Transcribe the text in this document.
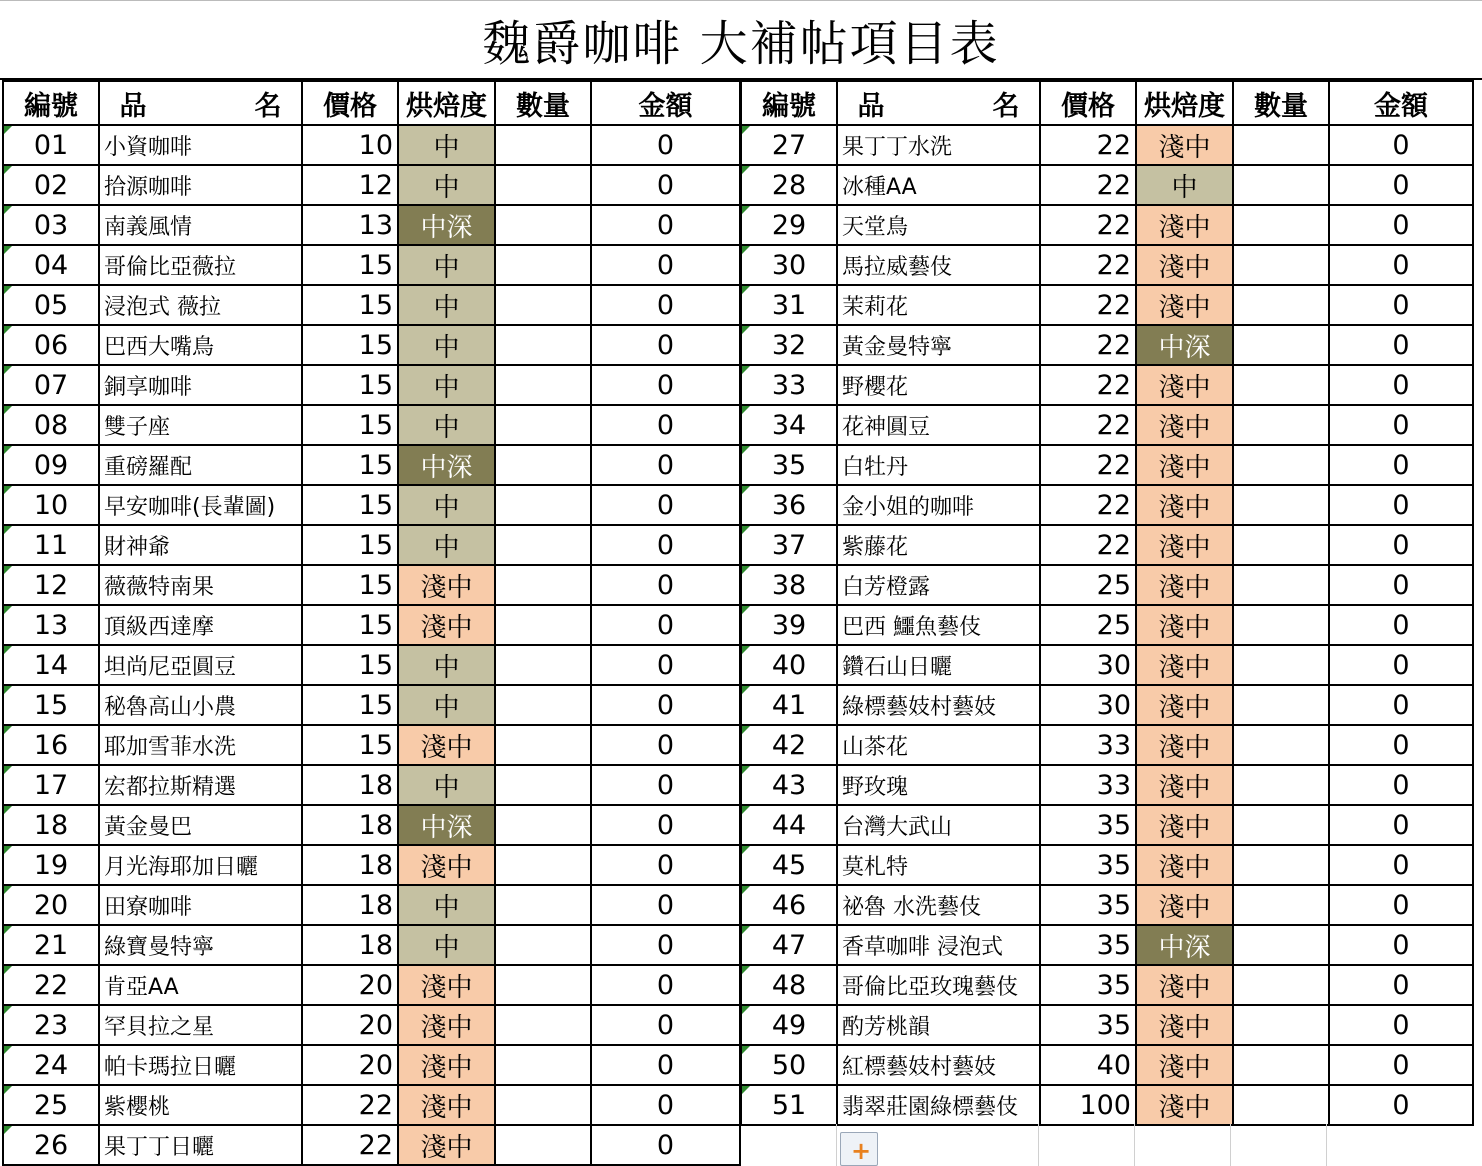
魏爵咖啡 大補帖項目表
編號	品　　　　名	價格	烘焙度	數量	金額
01	小資咖啡	10	中		0
02	拾源咖啡	12	中		0
03	南義風情	13	中深		0
04	哥倫比亞薇拉	15	中		0
05	浸泡式 薇拉	15	中		0
06	巴西大嘴鳥	15	中		0
07	銅享咖啡	15	中		0
08	雙子座	15	中		0
09	重磅羅配	15	中深		0
10	早安咖啡(長輩圖)	15	中		0
11	財神爺	15	中		0
12	薇薇特南果	15	淺中		0
13	頂級西達摩	15	淺中		0
14	坦尚尼亞圓豆	15	中		0
15	秘魯高山小農	15	中		0
16	耶加雪菲水洗	15	淺中		0
17	宏都拉斯精選	18	中		0
18	黃金曼巴	18	中深		0
19	月光海耶加日曬	18	淺中		0
20	田寮咖啡	18	中		0
21	綠寶曼特寧	18	中		0
22	肯亞AA	20	淺中		0
23	罕貝拉之星	20	淺中		0
24	帕卡瑪拉日曬	20	淺中		0
25	紫櫻桃	22	淺中		0
26	果丁丁日曬	22	淺中		0
編號	品　　　　名	價格	烘焙度	數量	金額
27	果丁丁水洗	22	淺中		0
28	冰種AA	22	中		0
29	天堂鳥	22	淺中		0
30	馬拉威藝伎	22	淺中		0
31	茉莉花	22	淺中		0
32	黃金曼特寧	22	中深		0
33	野櫻花	22	淺中		0
34	花神圓豆	22	淺中		0
35	白牡丹	22	淺中		0
36	金小姐的咖啡	22	淺中		0
37	紫藤花	22	淺中		0
38	白芳橙露	25	淺中		0
39	巴西 鱷魚藝伎	25	淺中		0
40	鑽石山日曬	30	淺中		0
41	綠標藝妓村藝妓	30	淺中		0
42	山茶花	33	淺中		0
43	野玫瑰	33	淺中		0
44	台灣大武山	35	淺中		0
45	莫札特	35	淺中		0
46	祕魯 水洗藝伎	35	淺中		0
47	香草咖啡 浸泡式	35	中深		0
48	哥倫比亞玫瑰藝伎	35	淺中		0
49	酌芳桃韻	35	淺中		0
50	紅標藝妓村藝妓	40	淺中		0
51	翡翠莊園綠標藝伎	100	淺中		0
+
